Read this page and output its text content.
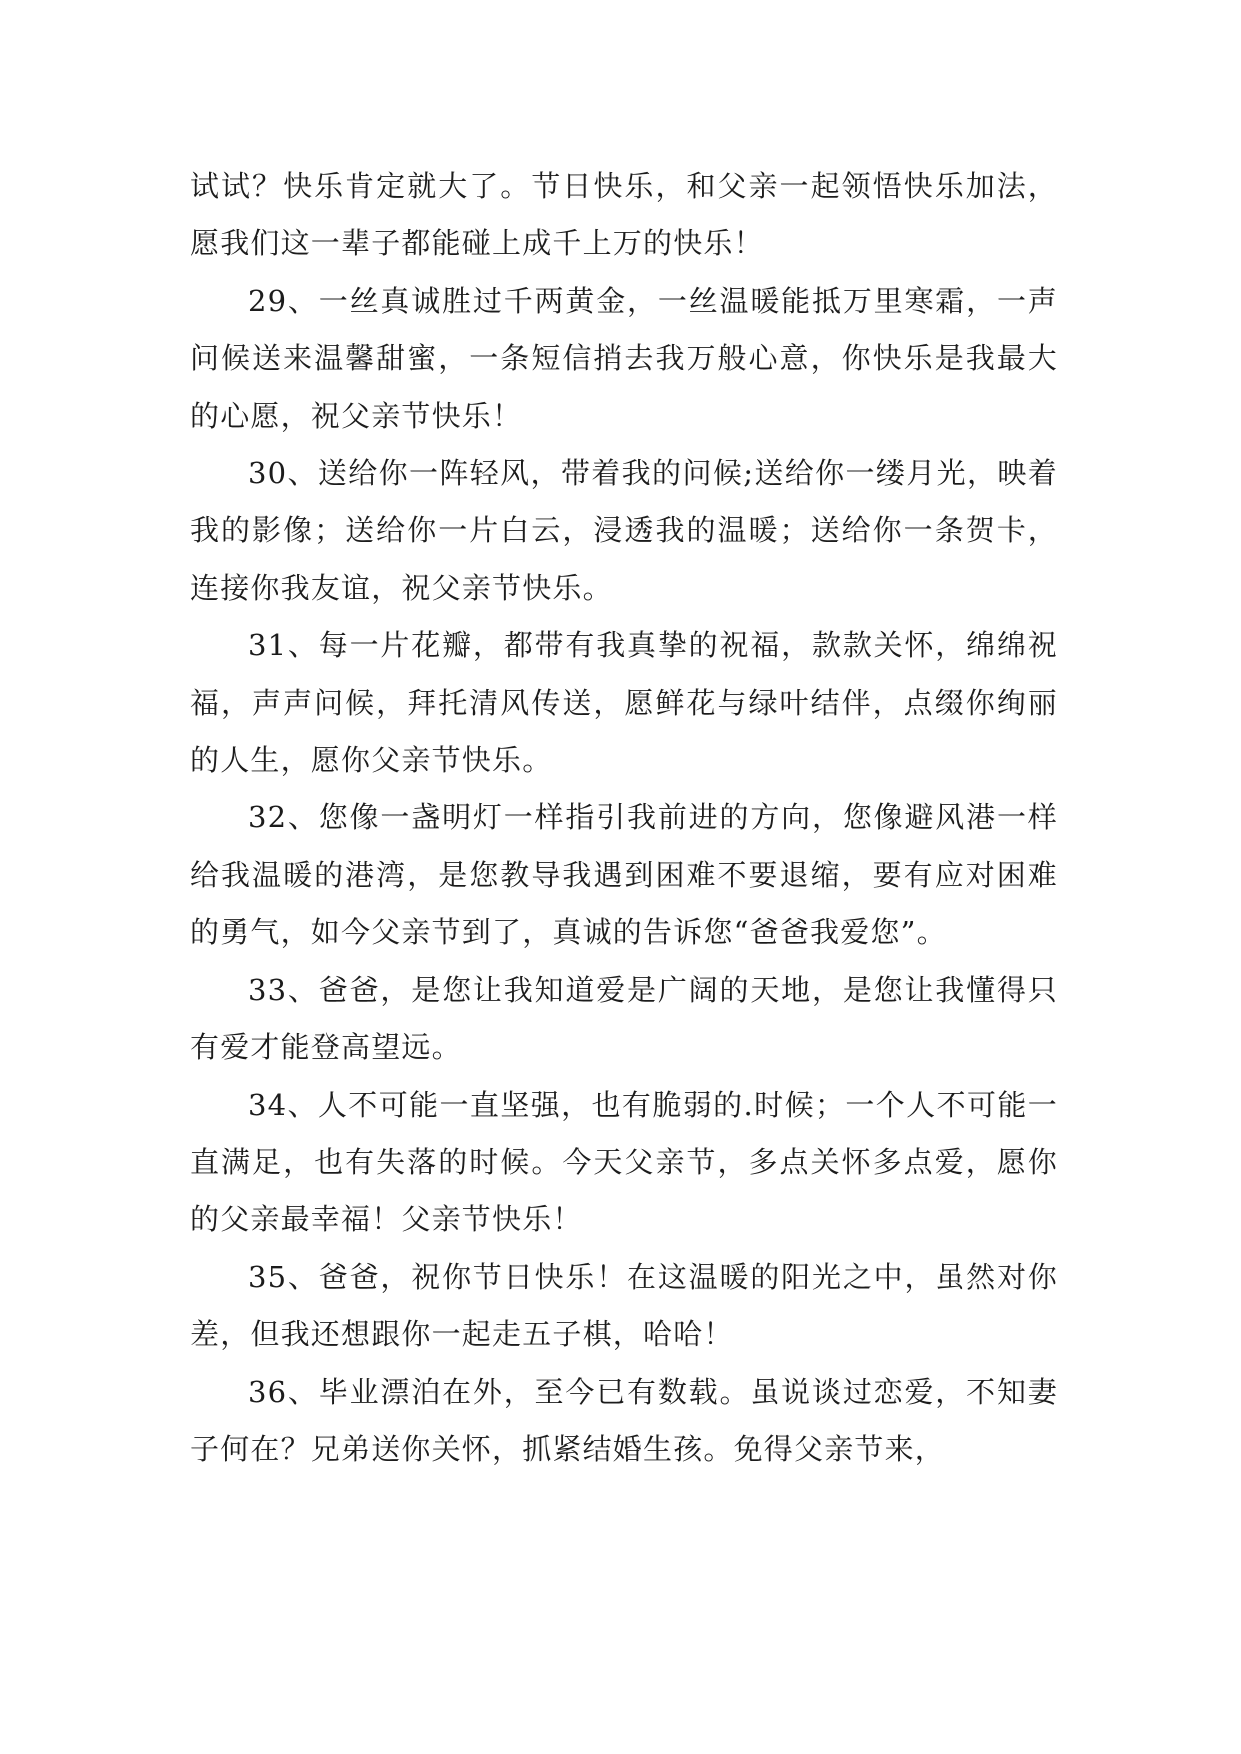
试试？快乐肯定就大了。节日快乐，和父亲一起领悟快乐加法，愿我们这一辈子都能碰上成千上万的快乐！

29、一丝真诚胜过千两黄金，一丝温暖能抵万里寒霜，一声问候送来温馨甜蜜，一条短信捎去我万般心意，你快乐是我最大的心愿，祝父亲节快乐！

30、送给你一阵轻风，带着我的问候;送给你一缕月光，映着我的影像；送给你一片白云，浸透我的温暖；送给你一条贺卡，连接你我友谊，祝父亲节快乐。

31、每一片花瓣，都带有我真挚的祝福，款款关怀，绵绵祝福，声声问候，拜托清风传送，愿鲜花与绿叶结伴，点缀你绚丽的人生，愿你父亲节快乐。

32、您像一盏明灯一样指引我前进的方向，您像避风港一样给我温暖的港湾，是您教导我遇到困难不要退缩，要有应对困难的勇气，如今父亲节到了，真诚的告诉您“爸爸我爱您”。

33、爸爸，是您让我知道爱是广阔的天地，是您让我懂得只有爱才能登高望远。

34、人不可能一直坚强，也有脆弱的.时候；一个人不可能一直满足，也有失落的时候。今天父亲节，多点关怀多点爱，愿你的父亲最幸福！父亲节快乐！

35、爸爸，祝你节日快乐！在这温暖的阳光之中，虽然对你差，但我还想跟你一起走五子棋，哈哈！

36、毕业漂泊在外，至今已有数载。虽说谈过恋爱，不知妻子何在？兄弟送你关怀，抓紧结婚生孩。免得父亲节来，
